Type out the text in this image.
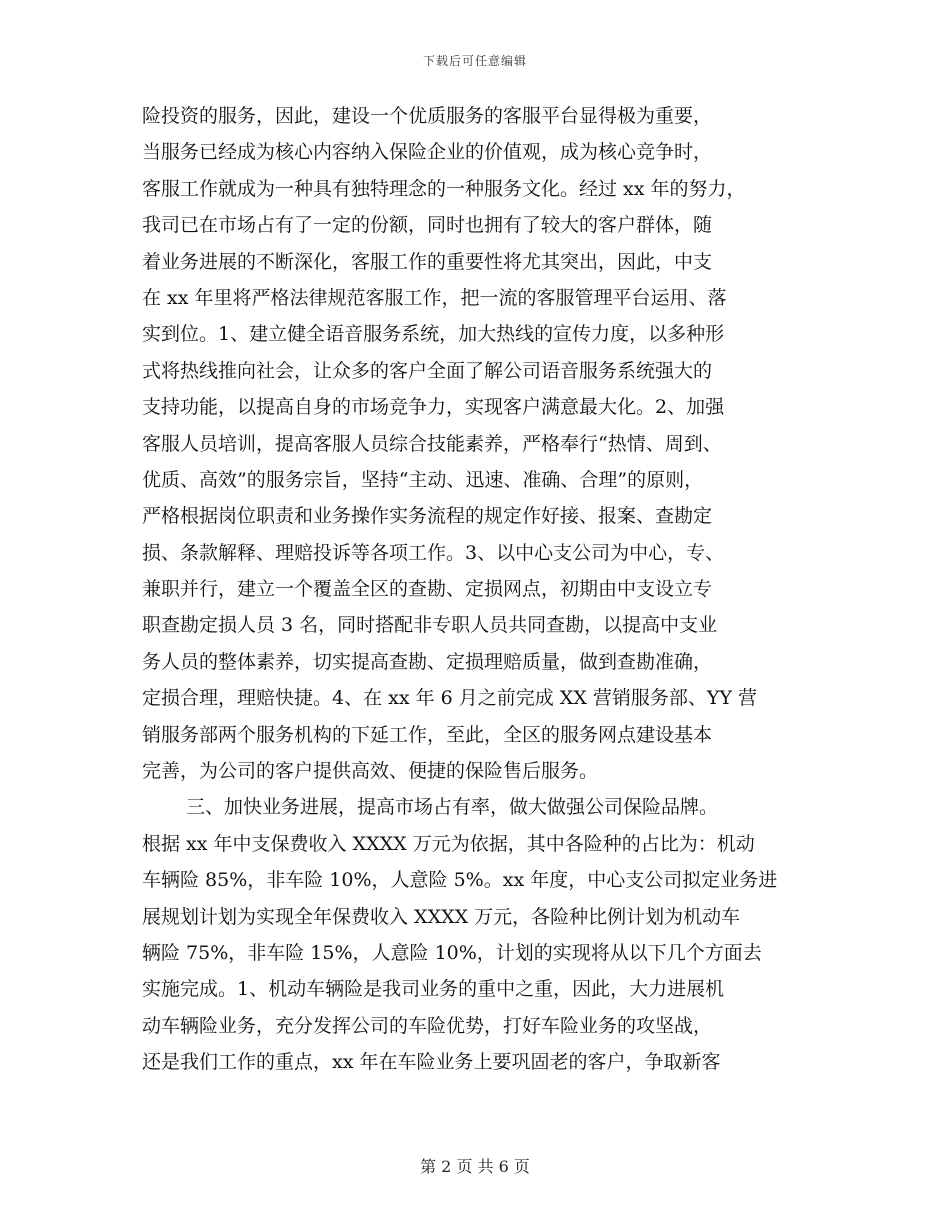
下载后可任意编辑
险投资的服务，因此，建设一个优质服务的客服平台显得极为重要，
当服务已经成为核心内容纳入保险企业的价值观，成为核心竞争时，
客服工作就成为一种具有独特理念的一种服务文化。经过 xx 年的努力，
我司已在市场占有了一定的份额，同时也拥有了较大的客户群体，随
着业务进展的不断深化，客服工作的重要性将尤其突出，因此，中支
在 xx 年里将严格法律规范客服工作，把一流的客服管理平台运用、落
实到位。1、建立健全语音服务系统，加大热线的宣传力度，以多种形
式将热线推向社会，让众多的客户全面了解公司语音服务系统强大的
支持功能，以提高自身的市场竞争力，实现客户满意最大化。2、加强
客服人员培训，提高客服人员综合技能素养，严格奉行“热情、周到、
优质、高效”的服务宗旨，坚持“主动、迅速、准确、合理”的原则，
严格根据岗位职责和业务操作实务流程的规定作好接、报案、查勘定
损、条款解释、理赔投诉等各项工作。3、以中心支公司为中心，专、
兼职并行，建立一个覆盖全区的查勘、定损网点，初期由中支设立专
职查勘定损人员 3 名，同时搭配非专职人员共同查勘，以提高中支业
务人员的整体素养，切实提高查勘、定损理赔质量，做到查勘准确，
定损合理，理赔快捷。4、在 xx 年 6 月之前完成 XX 营销服务部、YY 营
销服务部两个服务机构的下延工作，至此，全区的服务网点建设基本
完善，为公司的客户提供高效、便捷的保险售后服务。
三、加快业务进展，提高市场占有率，做大做强公司保险品牌。
根据 xx 年中支保费收入 XXXX 万元为依据，其中各险种的占比为：机动
车辆险 85%，非车险 10%，人意险 5%。xx 年度，中心支公司拟定业务进
展规划计划为实现全年保费收入 XXXX 万元，各险种比例计划为机动车
辆险 75%，非车险 15%，人意险 10%，计划的实现将从以下几个方面去
实施完成。1、机动车辆险是我司业务的重中之重，因此，大力进展机
动车辆险业务，充分发挥公司的车险优势，打好车险业务的攻坚战，
还是我们工作的重点，xx 年在车险业务上要巩固老的客户，争取新客
第 2 页 共 6 页
